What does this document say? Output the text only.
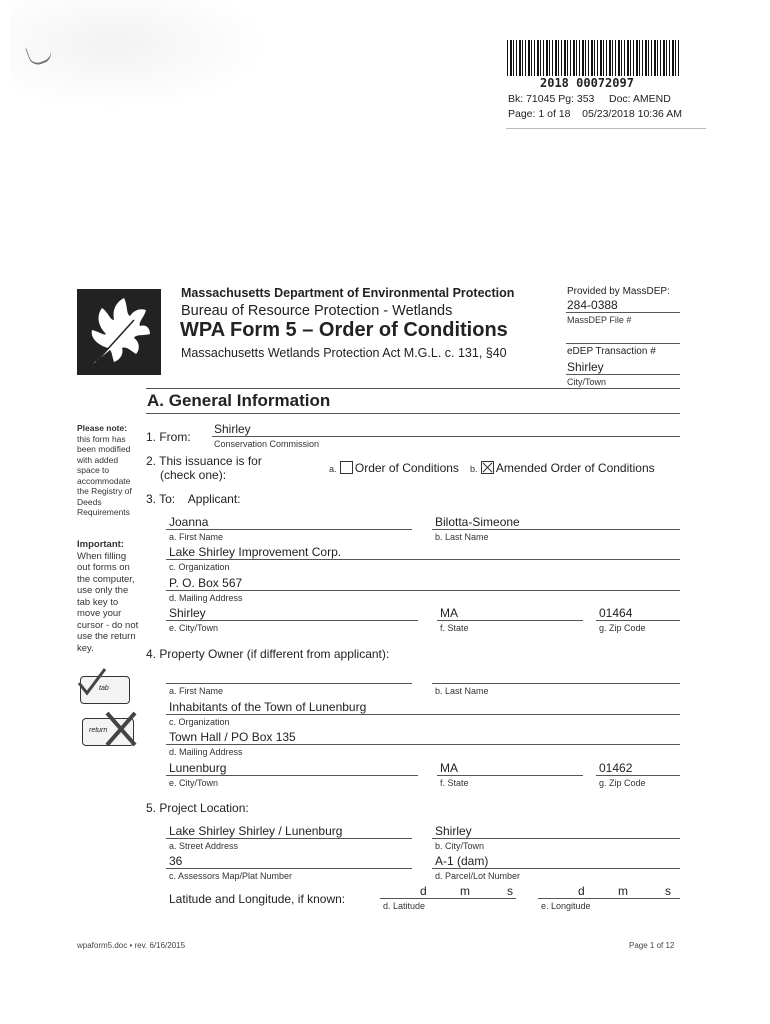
2018 00072097
Bk: 71045 Pg: 353     Doc: AMEND
Page: 1 of 18    05/23/2018 10:36 AM
Massachusetts Department of Environmental Protection
Bureau of Resource Protection - Wetlands
WPA Form 5 – Order of Conditions
Massachusetts Wetlands Protection Act M.G.L. c. 131, §40
Provided by MassDEP:
284-0388
MassDEP File #
eDEP Transaction #
Shirley
City/Town
A. General Information
Please note:
this form has been modified with added space to accommodate the Registry of Deeds Requirements
Important:
When filling out forms on the computer, use only the tab key to move your cursor - do not use the return key.
tab
return
1. From:
Shirley
Conservation Commission
2. This issuance is for
(check one):	a. Order of Conditions b. Amended Order of Conditions
3. To:    Applicant:
Joanna
a. First Name
Bilotta-Simeone
b. Last Name
Lake Shirley Improvement Corp.
c. Organization
P. O. Box 567
d. Mailing Address
Shirley
e. City/Town
MA
f. State
01464
g. Zip Code
4. Property Owner (if different from applicant):
a. First Name	b. Last Name
Inhabitants of the Town of Lunenburg
c. Organization
Town Hall / PO Box 135
d. Mailing Address
Lunenburg
e. City/Town
MA
f. State
01462
g. Zip Code
5. Project Location:
Lake Shirley Shirley / Lunenburg
a. Street Address
Shirley
b. City/Town
36
c. Assessors Map/Plat Number
A-1 (dam)
d. Parcel/Lot Number
Latitude and Longitude, if known:
d	m	s
d. Latitude
d	m	s
e. Longitude
wpaform5.doc • rev. 6/16/2015	Page 1 of 12
